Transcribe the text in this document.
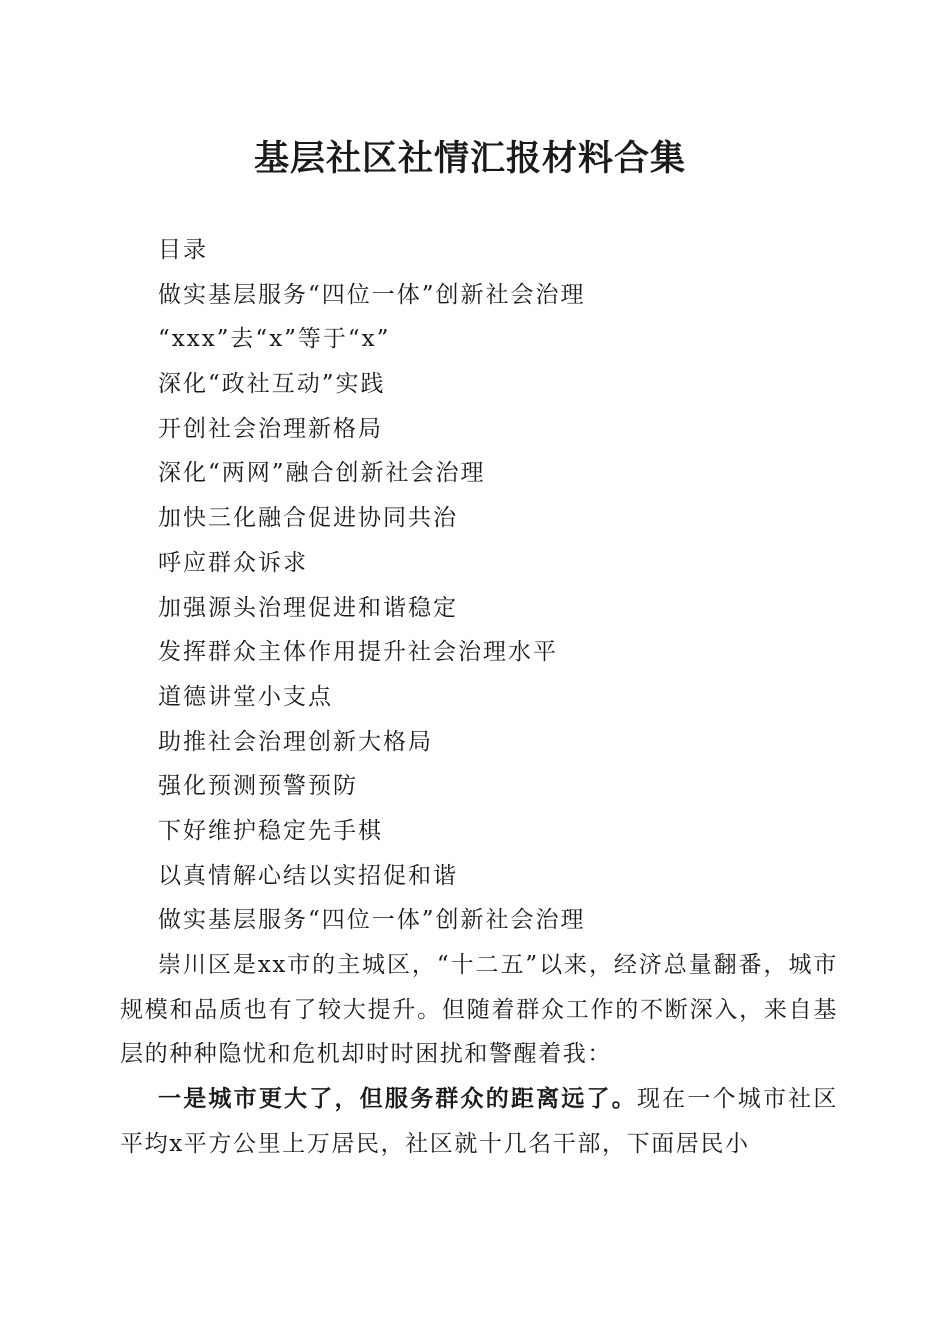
基层社区社情汇报材料合集
目录
做实基层服务“四位一体”创新社会治理
“xxx”去“x”等于“x”
深化“政社互动”实践
开创社会治理新格局
深化“两网”融合创新社会治理
加快三化融合促进协同共治
呼应群众诉求
加强源头治理促进和谐稳定
发挥群众主体作用提升社会治理水平
道德讲堂小支点
助推社会治理创新大格局
强化预测预警预防
下好维护稳定先手棋
以真情解心结以实招促和谐
做实基层服务“四位一体”创新社会治理

崇川区是xx市的主城区，“十二五”以来，经济总量翻番，城市规模和品质也有了较大提升。但随着群众工作的不断深入，来自基层的种种隐忧和危机却时时困扰和警醒着我：

一是城市更大了，但服务群众的距离远了。现在一个城市社区平均x平方公里上万居民，社区就十几名干部，下面居民小
